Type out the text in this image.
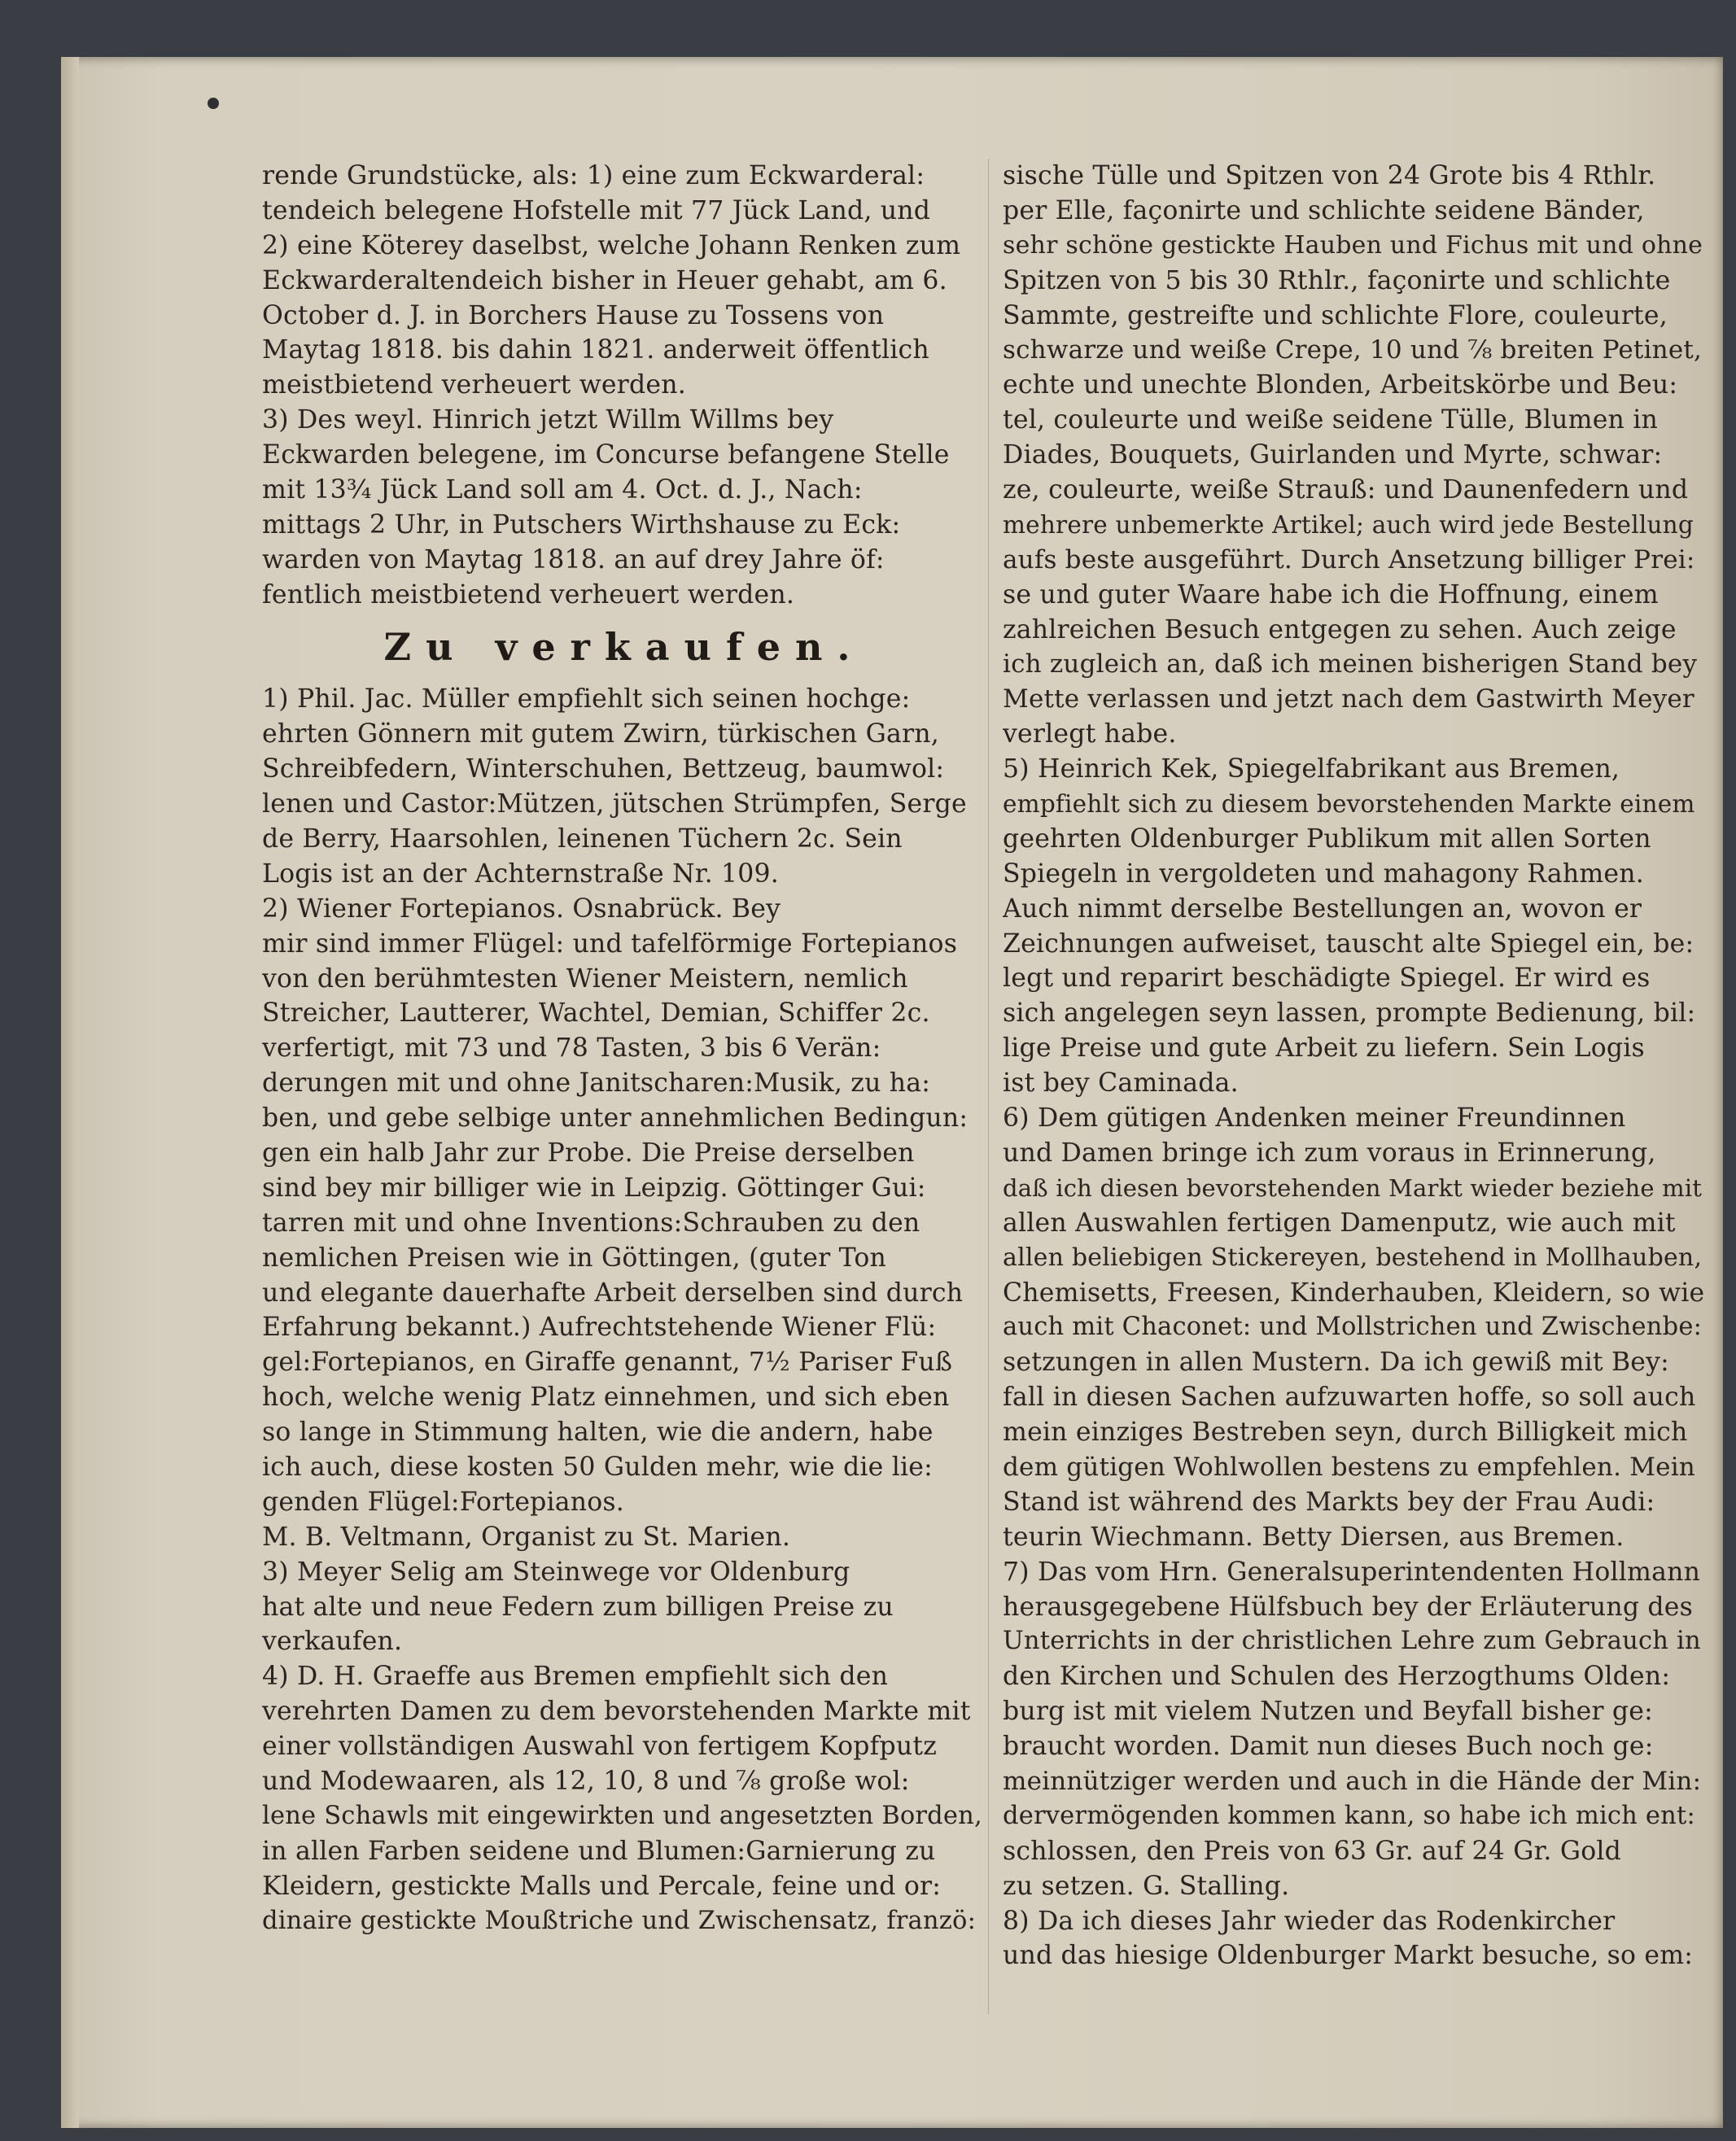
rende Grundstücke, als: 1) eine zum Eckwarderal:
tendeich belegene Hofstelle mit 77 Jück Land, und
2) eine Köterey daselbst, welche Johann Renken zum
Eckwarderaltendeich bisher in Heuer gehabt, am 6.
October d. J. in Borchers Hause zu Tossens von
Maytag 1818. bis dahin 1821. anderweit öffentlich
meistbietend verheuert werden.
3) Des weyl. Hinrich jetzt Willm Willms bey
Eckwarden belegene, im Concurse befangene Stelle
mit 13¾ Jück Land soll am 4. Oct. d. J., Nach:
mittags 2 Uhr, in Putschers Wirthshause zu Eck:
warden von Maytag 1818. an auf drey Jahre öf:
fentlich meistbietend verheuert werden.
Zu verkaufen.
1) Phil. Jac. Müller empfiehlt sich seinen hochge:
ehrten Gönnern mit gutem Zwirn, türkischen Garn,
Schreibfedern, Winterschuhen, Bettzeug, baumwol:
lenen und Castor:Mützen, jütschen Strümpfen, Serge
de Berry, Haarsohlen, leinenen Tüchern 2c. Sein
Logis ist an der Achternstraße Nr. 109.
2) Wiener Fortepianos. Osnabrück. Bey
mir sind immer Flügel: und tafelförmige Fortepianos
von den berühmtesten Wiener Meistern, nemlich
Streicher, Lautterer, Wachtel, Demian, Schiffer 2c.
verfertigt, mit 73 und 78 Tasten, 3 bis 6 Verän:
derungen mit und ohne Janitscharen:Musik, zu ha:
ben, und gebe selbige unter annehmlichen Bedingun:
gen ein halb Jahr zur Probe. Die Preise derselben
sind bey mir billiger wie in Leipzig. Göttinger Gui:
tarren mit und ohne Inventions:Schrauben zu den
nemlichen Preisen wie in Göttingen, (guter Ton
und elegante dauerhafte Arbeit derselben sind durch
Erfahrung bekannt.) Aufrechtstehende Wiener Flü:
gel:Fortepianos, en Giraffe genannt, 7½ Pariser Fuß
hoch, welche wenig Platz einnehmen, und sich eben
so lange in Stimmung halten, wie die andern, habe
ich auch, diese kosten 50 Gulden mehr, wie die lie:
genden Flügel:Fortepianos.
M. B. Veltmann, Organist zu St. Marien.
3) Meyer Selig am Steinwege vor Oldenburg
hat alte und neue Federn zum billigen Preise zu
verkaufen.
4) D. H. Graeffe aus Bremen empfiehlt sich den
verehrten Damen zu dem bevorstehenden Markte mit
einer vollständigen Auswahl von fertigem Kopfputz
und Modewaaren, als 12, 10, 8 und ⅞ große wol:
lene Schawls mit eingewirkten und angesetzten Borden,
in allen Farben seidene und Blumen:Garnierung zu
Kleidern, gestickte Malls und Percale, feine und or:
dinaire gestickte Moußtriche und Zwischensatz, franzö:
sische Tülle und Spitzen von 24 Grote bis 4 Rthlr.
per Elle, façonirte und schlichte seidene Bänder,
sehr schöne gestickte Hauben und Fichus mit und ohne
Spitzen von 5 bis 30 Rthlr., façonirte und schlichte
Sammte, gestreifte und schlichte Flore, couleurte,
schwarze und weiße Crepe, 10 und ⅞ breiten Petinet,
echte und unechte Blonden, Arbeitskörbe und Beu:
tel, couleurte und weiße seidene Tülle, Blumen in
Diades, Bouquets, Guirlanden und Myrte, schwar:
ze, couleurte, weiße Strauß: und Daunenfedern und
mehrere unbemerkte Artikel; auch wird jede Bestellung
aufs beste ausgeführt. Durch Ansetzung billiger Prei:
se und guter Waare habe ich die Hoffnung, einem
zahlreichen Besuch entgegen zu sehen. Auch zeige
ich zugleich an, daß ich meinen bisherigen Stand bey
Mette verlassen und jetzt nach dem Gastwirth Meyer
verlegt habe.
5) Heinrich Kek, Spiegelfabrikant aus Bremen,
empfiehlt sich zu diesem bevorstehenden Markte einem
geehrten Oldenburger Publikum mit allen Sorten
Spiegeln in vergoldeten und mahagony Rahmen.
Auch nimmt derselbe Bestellungen an, wovon er
Zeichnungen aufweiset, tauscht alte Spiegel ein, be:
legt und reparirt beschädigte Spiegel. Er wird es
sich angelegen seyn lassen, prompte Bedienung, bil:
lige Preise und gute Arbeit zu liefern. Sein Logis
ist bey Caminada.
6) Dem gütigen Andenken meiner Freundinnen
und Damen bringe ich zum voraus in Erinnerung,
daß ich diesen bevorstehenden Markt wieder beziehe mit
allen Auswahlen fertigen Damenputz, wie auch mit
allen beliebigen Stickereyen, bestehend in Mollhauben,
Chemisetts, Freesen, Kinderhauben, Kleidern, so wie
auch mit Chaconet: und Mollstrichen und Zwischenbe:
setzungen in allen Mustern. Da ich gewiß mit Bey:
fall in diesen Sachen aufzuwarten hoffe, so soll auch
mein einziges Bestreben seyn, durch Billigkeit mich
dem gütigen Wohlwollen bestens zu empfehlen. Mein
Stand ist während des Markts bey der Frau Audi:
teurin Wiechmann. Betty Diersen, aus Bremen.
7) Das vom Hrn. Generalsuperintendenten Hollmann
herausgegebene Hülfsbuch bey der Erläuterung des
Unterrichts in der christlichen Lehre zum Gebrauch in
den Kirchen und Schulen des Herzogthums Olden:
burg ist mit vielem Nutzen und Beyfall bisher ge:
braucht worden. Damit nun dieses Buch noch ge:
meinnütziger werden und auch in die Hände der Min:
dervermögenden kommen kann, so habe ich mich ent:
schlossen, den Preis von 63 Gr. auf 24 Gr. Gold
zu setzen. G. Stalling.
8) Da ich dieses Jahr wieder das Rodenkircher
und das hiesige Oldenburger Markt besuche, so em:
